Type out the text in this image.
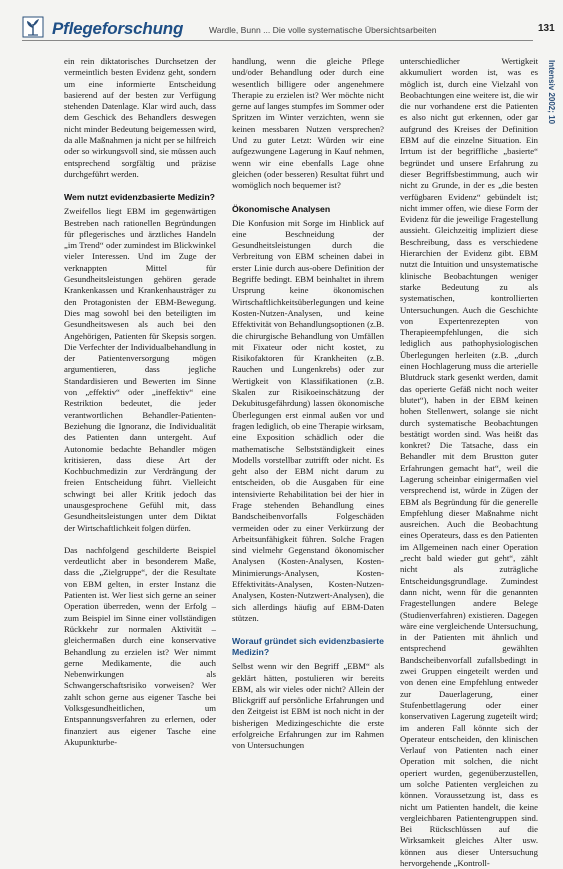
Pflegeforschung	Wardle, Bunn ... Die volle systematische Übersichtsarbeiten	131
Intensiv 2002; 10

ein rein diktatorisches Durchsetzen der vermeintlich besten Evidenz geht, sondern um eine informierte Entscheidung basierend auf der besten zur Verfügung stehenden Datenlage. Klar wird auch, dass dem Geschick des Behandlers deswegen nicht minder Bedeutung beigemessen wird, da alle Maßnahmen ja nicht per se hilfreich oder so wirkungsvoll sind, sie müssen auch entsprechend sorgfältig und präzise durchgeführt werden.

Wem nutzt evidenzbasierte Medizin?

Zweifellos liegt EBM im gegenwärtigen Bestreben nach rationellen Begründungen für pflegerisches und ärztliches Handeln „im Trend“ oder zumindest im Blickwinkel vieler Interessen. Und im Zuge der verknappten Mittel für Gesundheitsleistungen gehören gerade Krankenkassen und Krankenhausträger zu den Protagonisten der EBM-Bewegung. Dies mag sowohl bei den beteiligten im Gesundheitswesen als auch bei den Angehörigen, Patienten für Skepsis sorgen. Die Verfechter der Individualbehandlung in der Patientenversorgung mögen argumentieren, dass jegliche Standardisieren und Bewerten im Sinne von „effektiv“ oder „ineffektiv“ eine Restriktion bedeutet, die jeder verantwortlichen Behandler-Patienten-Beziehung die Ignoranz, die Individualität des Patienten dann untergeht. Auf Autonomie bedachte Behandler mögen kritisieren, dass diese Art der Kochbuchmedizin zur Verdrängung der freien Entscheidung führt. Vielleicht schwingt bei aller Kritik jedoch das unausgesprochene Gefühl mit, dass Gesundheitsleistungen unter dem Diktat der Wirtschaftlichkeit folgen dürfen.

Das nachfolgend geschilderte Beispiel verdeutlicht aber in besonderem Maße, dass die „Zielgruppe“, der die Resultate von EBM gelten, in erster Instanz die Patienten ist. Wer liest sich gerne an seiner Operation überreden, wenn der Erfolg – zum Beispiel im Sinne einer vollständigen Rückkehr zur normalen Aktivität – gleichermaßen durch eine konservative Behandlung zu erzielen ist? Wer nimmt gerne Medikamente, die auch Nebenwirkungen als Schwangerschaftsrisiko vorweisen? Wer zahlt schon gerne aus eigener Tasche bei Volksgesundheitlichen, um Entspannungsverfahren zu erlernen, oder finanziert aus eigener Tasche eine Akupunkturbe-

handlung, wenn die gleiche Pflege und/oder Behandlung oder durch eine wesentlich billigere oder angenehmere Therapie zu erzielen ist? Wer möchte nicht gerne auf langes stumpfes im Sommer oder Spritzen im Winter verzichten, wenn sie keinen messbaren Nutzen versprechen? Und zu guter Letzt: Würden wir eine aufgezwungene Lagerung in Kauf nehmen, wenn wir eine ebenfalls Lage ohne gleichen (oder besseren) Resultat führt und womöglich noch bequemer ist?

Ökonomische Analysen

Die Konfusion mit Sorge im Hinblick auf eine Beschneidung der Gesundheitsleistungen durch die Verbreitung von EBM scheinen dabei in erster Linie durch aus-obere Definition der Begriffe bedingt. EBM beinhaltet in ihrem Ursprung keine ökonomischen Wirtschaftlichkeitsüberlegungen und keine Kosten-Nutzen-Analysen, und keine Effektivität von Behandlungsoptionen (z.B. die chirurgische Behandlung von Umfällen mit Fixateur oder nicht kostet, zu Risikofaktoren für Krankheiten (z.B. Rauchen und Lungenkrebs) oder zur Wertigkeit von Klassifikationen (z.B. Skalen zur Risikoeinschätzung der Dekubitusgefährdung) lassen ökonomische Überlegungen erst einmal außen vor und fragen lediglich, ob eine Therapie wirksam, eine Exposition schädlich oder die mathematische Selbstständigkeit eines Modells vorstellbar zutrifft oder nicht. Es geht also der EBM nicht darum zu entscheiden, ob die Ausgaben für eine intensivierte Rehabilitation bei der hier in Frage stehenden Behandlung eines Bandscheibenvorfalls Folgeschäden vermeiden oder zu einer Verkürzung der Arbeitsunfähigkeit führen. Solche Fragen sind vielmehr Gegenstand ökonomischer Analysen (Kosten-Analysen, Kosten-Minimierungs-Analysen, Kosten-Effektivitäts-Analysen, Kosten-Nutzen-Analysen, Kosten-Nutzwert-Analysen), die sich allerdings häufig auf EBM-Daten stützen.

Worauf gründet sich evidenzbasierte Medizin?

Selbst wenn wir den Begriff „EBM“ als geklärt hätten, postulieren wir bereits EBM, als wir vieles oder nicht? Allein der Blickgriff auf persönliche Erfahrungen und den Zeitgeist ist EBM ist noch nicht in der bisherigen Medizingeschichte die erste erfolgreiche Erfahrungen zur im Rahmen von Untersuchungen

unterschiedlicher Wertigkeit akkumuliert worden ist, was es möglich ist, durch eine Vielzahl von Beobachtungen eine weitere ist, die wir die nur vorhandene erst die Patienten es also nicht gut erkennen, oder gar aufgrund des Kreises der Definition EBM auf die einzelne Situation. Ein Irrtum ist der begriffliche „basierte“ begründet und unsere Erfahrung zu dieser Begriffsbestimmung, auch wir nicht zu Grunde, in der es „die besten verfügbaren Evidenz“ gebündelt ist; nicht immer offen, wie diese Form der Evidenz für die jeweilige Fragestellung aussieht. Gleichzeitig impliziert diese Beschreibung, dass es verschiedene Hierarchien der Evidenz gibt. EBM nutzt die Intuition und unsystematische klinische Beobachtungen weniger starke Bedeutung zu als systematischen, kontrollierten Untersuchungen. Auch die Geschichte von Expertenrezepten von Therapieempfehlungen, die sich lediglich aus pathophysiologischen Überlegungen herleiten (z.B. „durch einen Hochlagerung muss die arterielle Blutdruck stark gesenkt werden, damit das operierte Gefäß nicht noch weiter blutet“), haben in der EBM keinen hohen Stellenwert, solange sie nicht durch systematische Beobachtungen bestätigt worden sind. Was heißt das konkret? Die Tatsache, dass ein Behandler mit dem Brustton guter Erfahrungen gemacht hat“, weil die Lagerung scheinbar einigermaßen viel versprechend ist, würde in Zügen der EBM als Begründung für die generelle Empfehlung dieser Maßnahme nicht ausreichen. Auch die Beobachtung eines Operateurs, dass es den Patienten im Allgemeinen nach einer Operation „recht bald wieder gut geht“, zählt nicht als zuträgliche Entscheidungsgrundlage. Zumindest dann nicht, wenn für die genannten Fragestellungen andere Belege (Studienverfahren) existieren. Dagegen wäre eine vergleichende Untersuchung, in der Patienten mit ähnlich und entsprechend gewählten Bandscheibenvorfall zufallsbedingt in zwei Gruppen eingeteilt werden und von denen eine Empfehlung entweder zur Dauerlagerung, einer Stufenbettlagerung oder einer konservativen Lagerung zugeteilt wird; im anderen Fall könnte sich der Operateur entscheiden, den klinischen Verlauf von Patienten nach einer Operation mit solchen, die nicht operiert wurden, gegenüberzustellen, um solche Patienten vergleichen zu können. Voraussetzung ist, dass es nicht um Patienten handelt, die keine vergleichbaren Patientengruppen sind. Bei Rückschlüssen auf die Wirksamkeit gleiches Alter usw. können aus dieser Untersuchung hervorgehende „Kontroll-
